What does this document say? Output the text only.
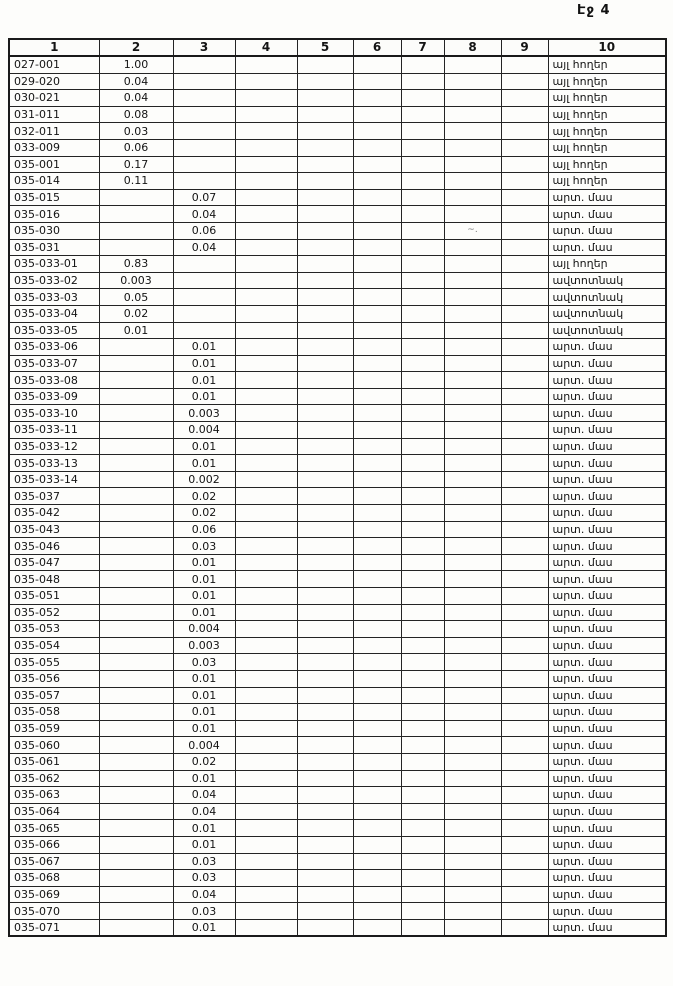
Էջ 4
1	2	3	4	5	6	7	8	9	10
027-001	1.00								այլ հողեր
029-020	0.04								այլ հողեր
030-021	0.04								այլ հողեր
031-011	0.08								այլ հողեր
032-011	0.03								այլ հողեր
033-009	0.06								այլ հողեր
035-001	0.17								այլ հողեր
035-014	0.11								այլ հողեր
035-015		0.07							արտ. մաս
035-016		0.04							արտ. մաս
035-030		0.06					~.		արտ. մաս
035-031		0.04							արտ. մաս
035-033-01	0.83								այլ հողեր
035-033-02	0.003								ավտոտնակ
035-033-03	0.05								ավտոտնակ
035-033-04	0.02								ավտոտնակ
035-033-05	0.01								ավտոտնակ
035-033-06		0.01							արտ. մաս
035-033-07		0.01							արտ. մաս
035-033-08		0.01							արտ. մաս
035-033-09		0.01							արտ. մաս
035-033-10		0.003							արտ. մաս
035-033-11		0.004							արտ. մաս
035-033-12		0.01							արտ. մաս
035-033-13		0.01							արտ. մաս
035-033-14		0.002							արտ. մաս
035-037		0.02							արտ. մաս
035-042		0.02							արտ. մաս
035-043		0.06							արտ. մաս
035-046		0.03							արտ. մաս
035-047		0.01							արտ. մաս
035-048		0.01							արտ. մաս
035-051		0.01							արտ. մաս
035-052		0.01							արտ. մաս
035-053		0.004							արտ. մաս
035-054		0.003							արտ. մաս
035-055		0.03							արտ. մաս
035-056		0.01							արտ. մաս
035-057		0.01							արտ. մաս
035-058		0.01							արտ. մաս
035-059		0.01							արտ. մաս
035-060		0.004							արտ. մաս
035-061		0.02							արտ. մաս
035-062		0.01							արտ. մաս
035-063		0.04							արտ. մաս
035-064		0.04							արտ. մաս
035-065		0.01							արտ. մաս
035-066		0.01							արտ. մաս
035-067		0.03							արտ. մաս
035-068		0.03							արտ. մաս
035-069		0.04							արտ. մաս
035-070		0.03							արտ. մաս
035-071		0.01							արտ. մաս
